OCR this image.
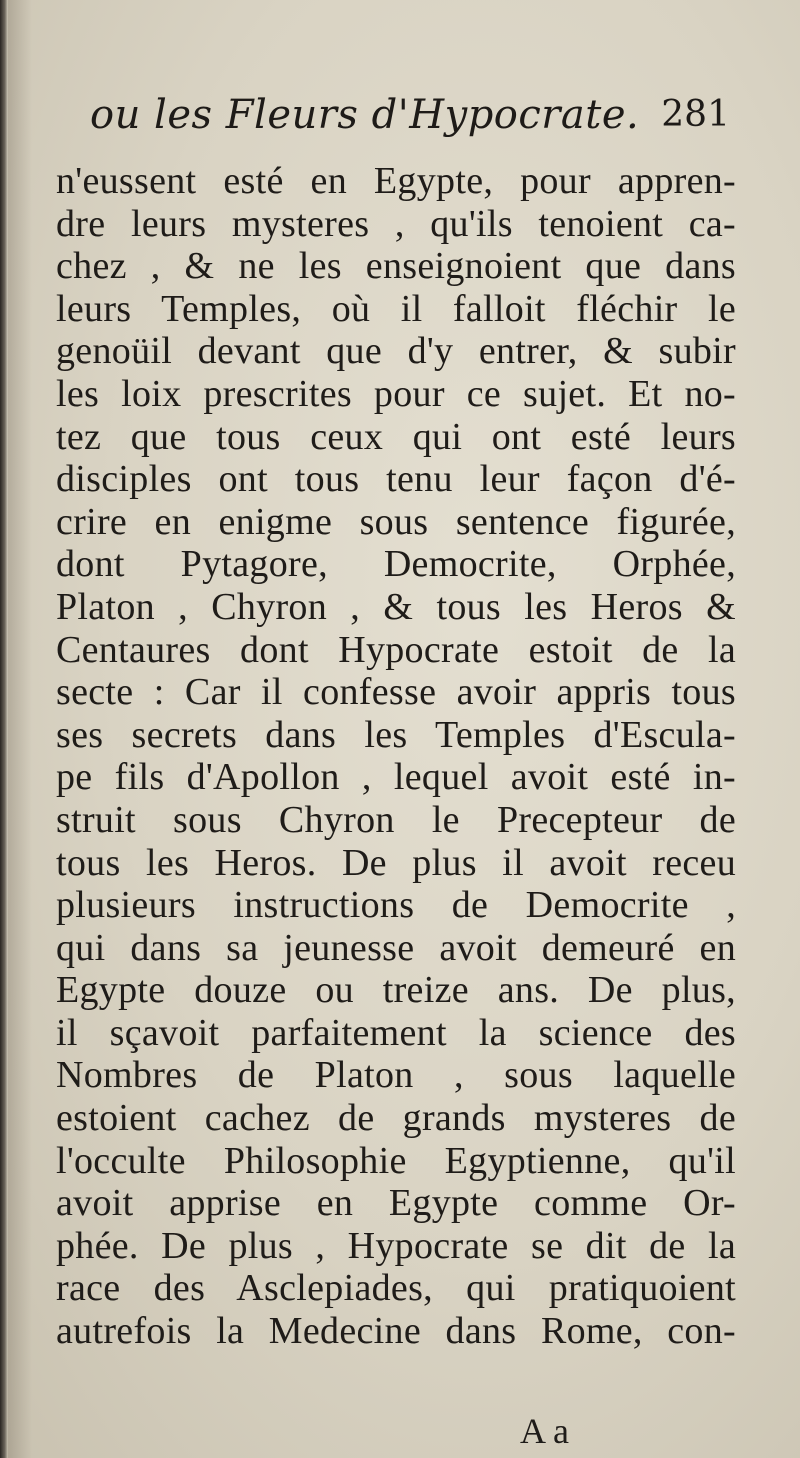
ou les Fleurs d'Hypocrate. 281
n'eussent esté en Egypte, pour appren-
dre leurs mysteres , qu'ils tenoient ca-
chez , & ne les enseignoient que dans
leurs Temples, où il falloit fléchir le
genoüil devant que d'y entrer, & subir
les loix prescrites pour ce sujet. Et no-
tez que tous ceux qui ont esté leurs
disciples ont tous tenu leur façon d'é-
crire en enigme sous sentence figurée,
dont Pytagore, Democrite, Orphée,
Platon , Chyron , & tous les Heros &
Centaures dont Hypocrate estoit de la
secte : Car il confesse avoir appris tous
ses secrets dans les Temples d'Escula-
pe fils d'Apollon , lequel avoit esté in-
struit sous Chyron le Precepteur de
tous les Heros. De plus il avoit receu
plusieurs instructions de Democrite ,
qui dans sa jeunesse avoit demeuré en
Egypte douze ou treize ans. De plus,
il sçavoit parfaitement la science des
Nombres de Platon , sous laquelle
estoient cachez de grands mysteres de
l'occulte Philosophie Egyptienne, qu'il
avoit apprise en Egypte comme Or-
phée. De plus , Hypocrate se dit de la
race des Asclepiades, qui pratiquoient
autrefois la Medecine dans Rome, con-
A a
